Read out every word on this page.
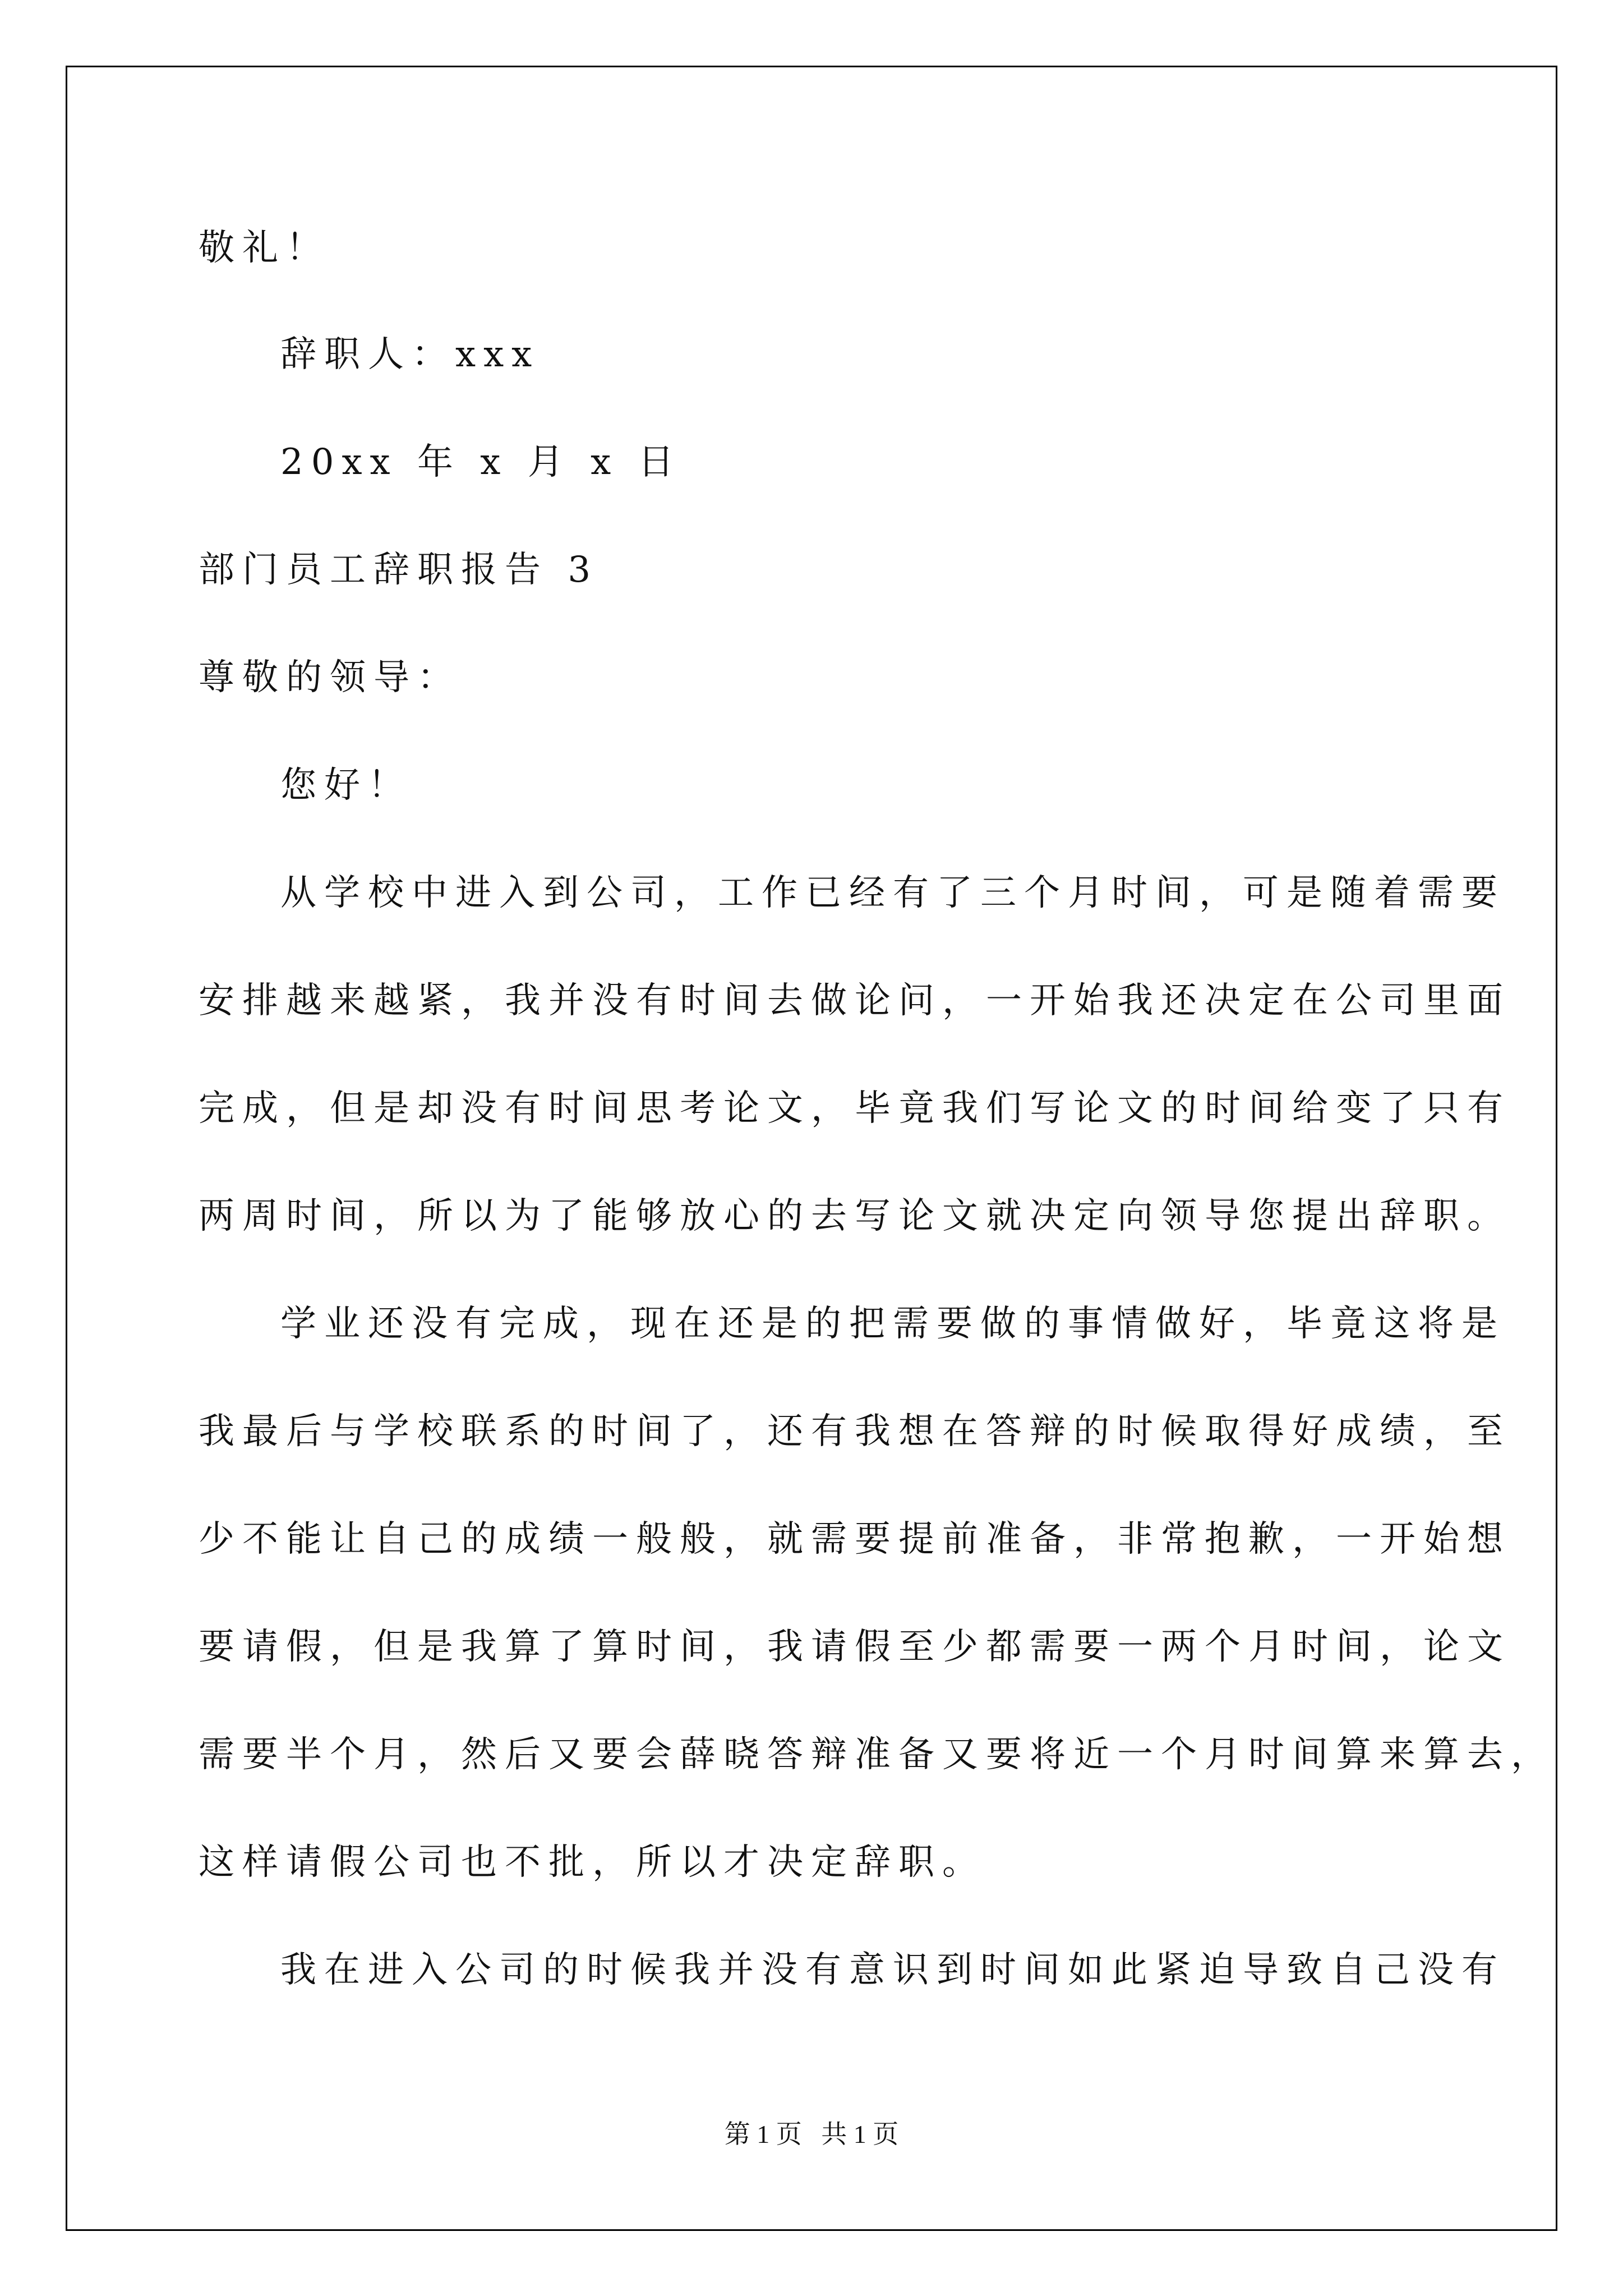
敬礼！
辞职人：xxx
20xx 年 x 月 x 日
部门员工辞职报告 3
尊敬的领导：
您好！
从学校中进入到公司，工作已经有了三个月时间，可是随着需要
安排越来越紧，我并没有时间去做论问，一开始我还决定在公司里面
完成，但是却没有时间思考论文，毕竟我们写论文的时间给变了只有
两周时间，所以为了能够放心的去写论文就决定向领导您提出辞职。
学业还没有完成，现在还是的把需要做的事情做好，毕竟这将是
我最后与学校联系的时间了，还有我想在答辩的时候取得好成绩，至
少不能让自己的成绩一般般，就需要提前准备，非常抱歉，一开始想
要请假，但是我算了算时间，我请假至少都需要一两个月时间，论文
需要半个月，然后又要会薛晓答辩准备又要将近一个月时间算来算去，
这样请假公司也不批，所以才决定辞职。
我在进入公司的时候我并没有意识到时间如此紧迫导致自己没有
第 1 页   共 1 页
